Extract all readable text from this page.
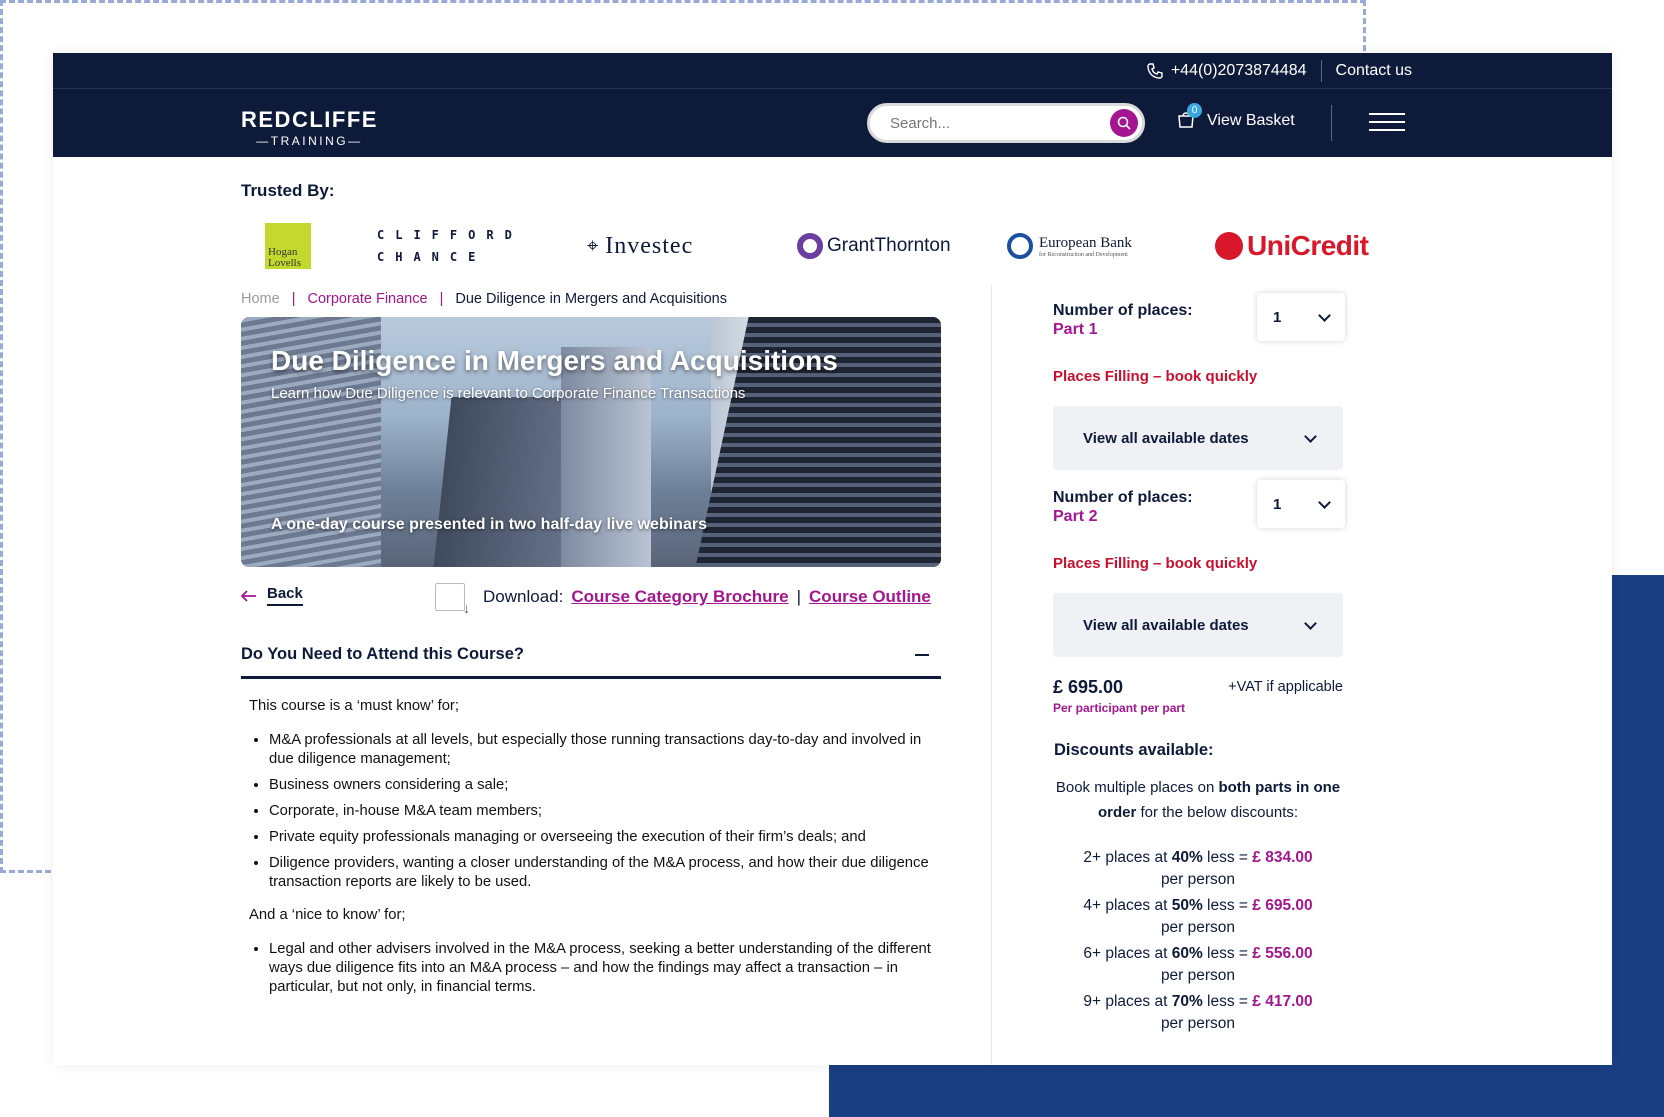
+44(0)2073874484	Contact us
REDCLIFFE
—TRAINING—
Search...
0
View Basket
Trusted By:
Hogan Lovells
CLIFFORD
CHANCE
⌖ Investec	GrantThornton	European Bank
for Reconstruction and Development	UniCredit
Home | Corporate Finance | Due Diligence in Mergers and Acquisitions
Due Diligence in Mergers and Acquisitions
Learn how Due Diligence is relevant to Corporate Finance Transactions
A one-day course presented in two half-day live webinars
Back
↓	Download: Course Category Brochure | Course Outline
Do You Need to Attend this Course?

This course is a ‘must know’ for;

• M&A professionals at all levels, but especially those running transactions day-to-day and involved in due diligence management;
• Business owners considering a sale;
• Corporate, in-house M&A team members;
• Private equity professionals managing or overseeing the execution of their firm’s deals; and
• Diligence providers, wanting a closer understanding of the M&A process, and how their due diligence transaction reports are likely to be used.

And a ‘nice to know’ for;

• Legal and other advisers involved in the M&A process, seeking a better understanding of the different ways due diligence fits into an M&A process – and how the findings may affect a transaction – in particular, but not only, in financial terms.
Number of places:
Part 1
1
Places Filling – book quickly
View all available dates
Number of places:
Part 2
1
Places Filling – book quickly
View all available dates
£ 695.00	+VAT if applicable
Per participant per part
Discounts available:
Book multiple places on both parts in one order for the below discounts:
2+ places at 40% less = £ 834.00
per person
4+ places at 50% less = £ 695.00
per person
6+ places at 60% less = £ 556.00
per person
9+ places at 70% less = £ 417.00
per person
